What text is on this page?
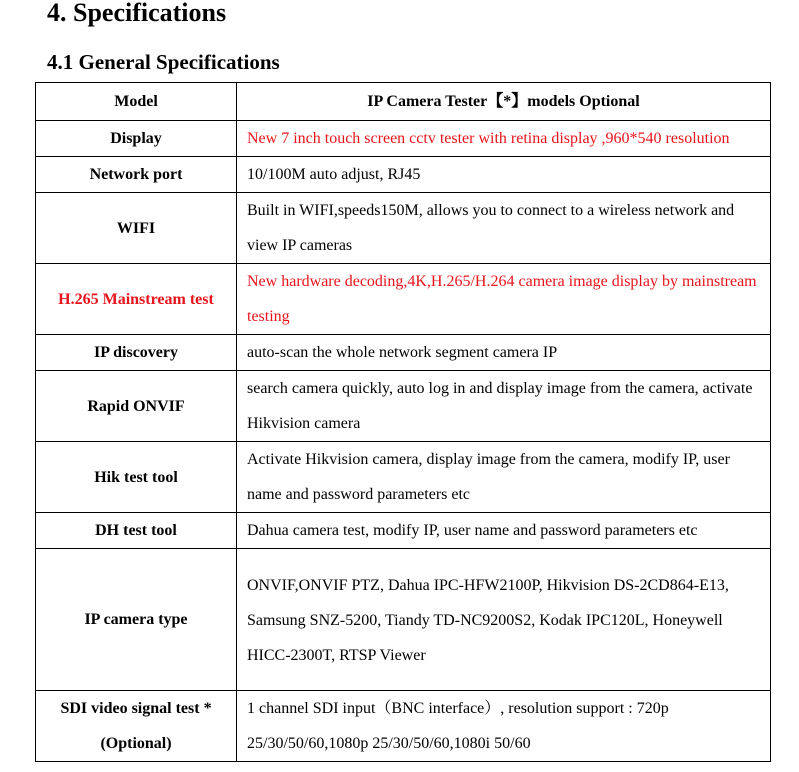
4. Specifications
4.1 General Specifications
Model	IP Camera Tester【*】models Optional
Display	New 7 inch touch screen cctv tester with retina display ,960*540 resolution
Network port	10/100M auto adjust, RJ45
WIFI	Built in WIFI,speeds150M, allows you to connect to a wireless network and view IP cameras
H.265 Mainstream test	New hardware decoding,4K,H.265/H.264 camera image display by mainstream testing
IP discovery	auto-scan the whole network segment camera IP
Rapid ONVIF	search camera quickly, auto log in and display image from the camera, activate Hikvision camera
Hik test tool	Activate Hikvision camera, display image from the camera, modify IP, user name and password parameters etc
DH test tool	Dahua camera test, modify IP, user name and password parameters etc
IP camera type	ONVIF,ONVIF PTZ, Dahua IPC-HFW2100P, Hikvision DS-2CD864-E13, Samsung SNZ-5200, Tiandy TD-NC9200S2, Kodak IPC120L, Honeywell HICC-2300T, RTSP Viewer
SDI video signal test * (Optional)	1 channel SDI input（BNC interface）, resolution support : 720p 25/30/50/60,1080p 25/30/50/60,1080i 50/60
